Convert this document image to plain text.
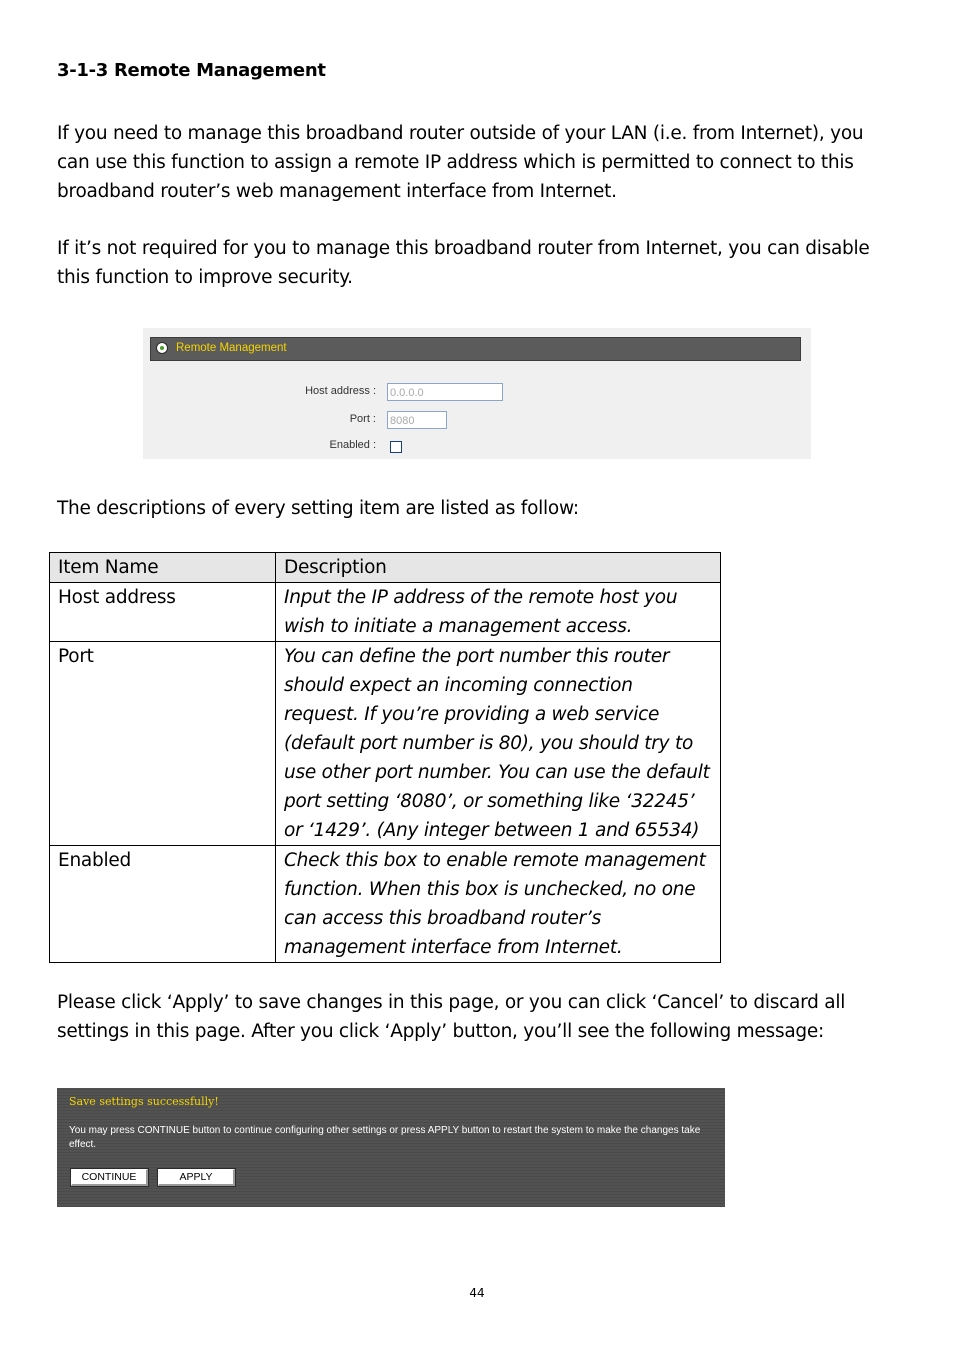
3-1-3 Remote Management

If you need to manage this broadband router outside of your LAN (i.e. from Internet), you can use this function to assign a remote IP address which is permitted to connect to this broadband router’s web management interface from Internet.

If it’s not required for you to manage this broadband router from Internet, you can disable this function to improve security.

Remote Management
Host address :
0.0.0.0
Port :
8080
Enabled :

The descriptions of every setting item are listed as follow:

Item Name	Description
Host address	Input the IP address of the remote host you wish to initiate a management access.
Port	You can define the port number this router should expect an incoming connection request. If you’re providing a web service (default port number is 80), you should try to use other port number. You can use the default port setting ‘8080’, or something like ‘32245’ or ‘1429’. (Any integer between 1 and 65534)
Enabled	Check this box to enable remote management function. When this box is unchecked, no one can access this broadband router’s management interface from Internet.

Please click ‘Apply’ to save changes in this page, or you can click ‘Cancel’ to discard all settings in this page. After you click ‘Apply’ button, you’ll see the following message:

Save settings successfully!
You may press CONTINUE button to continue configuring other settings or press APPLY button to restart the system to make the changes take effect.
CONTINUE	APPLY
44
